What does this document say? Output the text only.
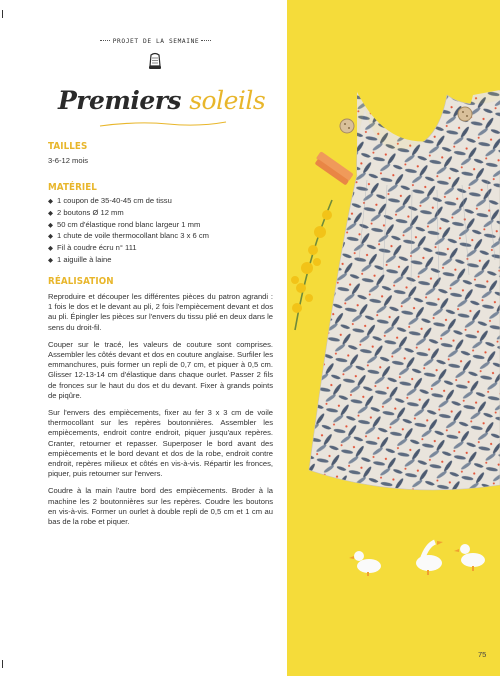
PROJET DE LA SEMAINE
Premiers soleils
TAILLES
3-6-12 mois
MATÉRIEL
◆ 1 coupon de 35-40-45 cm de tissu
◆ 2 boutons Ø 12 mm
◆ 50 cm d'élastique rond blanc largeur 1 mm
◆ 1 chute de voile thermocollant blanc 3 x 6 cm
◆ Fil à coudre écru n° 111
◆ 1 aiguille à laine
RÉALISATION
Reproduire et découper les différentes pièces du patron agrandi : 1 fois le dos et le devant au pli, 2 fois l'empiècement devant et dos au pli. Épingler les pièces sur l'envers du tissu plié en deux dans le sens du droit-fil.
Couper sur le tracé, les valeurs de couture sont comprises. Assembler les côtés devant et dos en couture anglaise. Surfiler les emmanchures, puis former un repli de 0,7 cm, et piquer à 0,5 cm. Glisser 12-13-14 cm d'élastique dans chaque ourlet. Passer 2 fils de fronces sur le haut du dos et du devant. Fixer à grands points de piqûre.
Sur l'envers des empiècements, fixer au fer 3 x 3 cm de voile thermocollant sur les repères boutonnières. Assembler les empiècements, endroit contre endroit, piquer jusqu'aux repères. Cranter, retourner et repasser. Superposer le bord avant des empiècements et le bord devant et dos de la robe, endroit contre endroit, repères milieux et côtés en vis-à-vis. Répartir les fronces, piquer, puis retourner sur l'envers.
Coudre à la main l'autre bord des empiècements. Broder à la machine les 2 boutonnières sur les repères. Coudre les boutons en vis-à-vis. Former un ourlet à double repli de 0,5 cm et 1 cm au bas de la robe et piquer.
75
